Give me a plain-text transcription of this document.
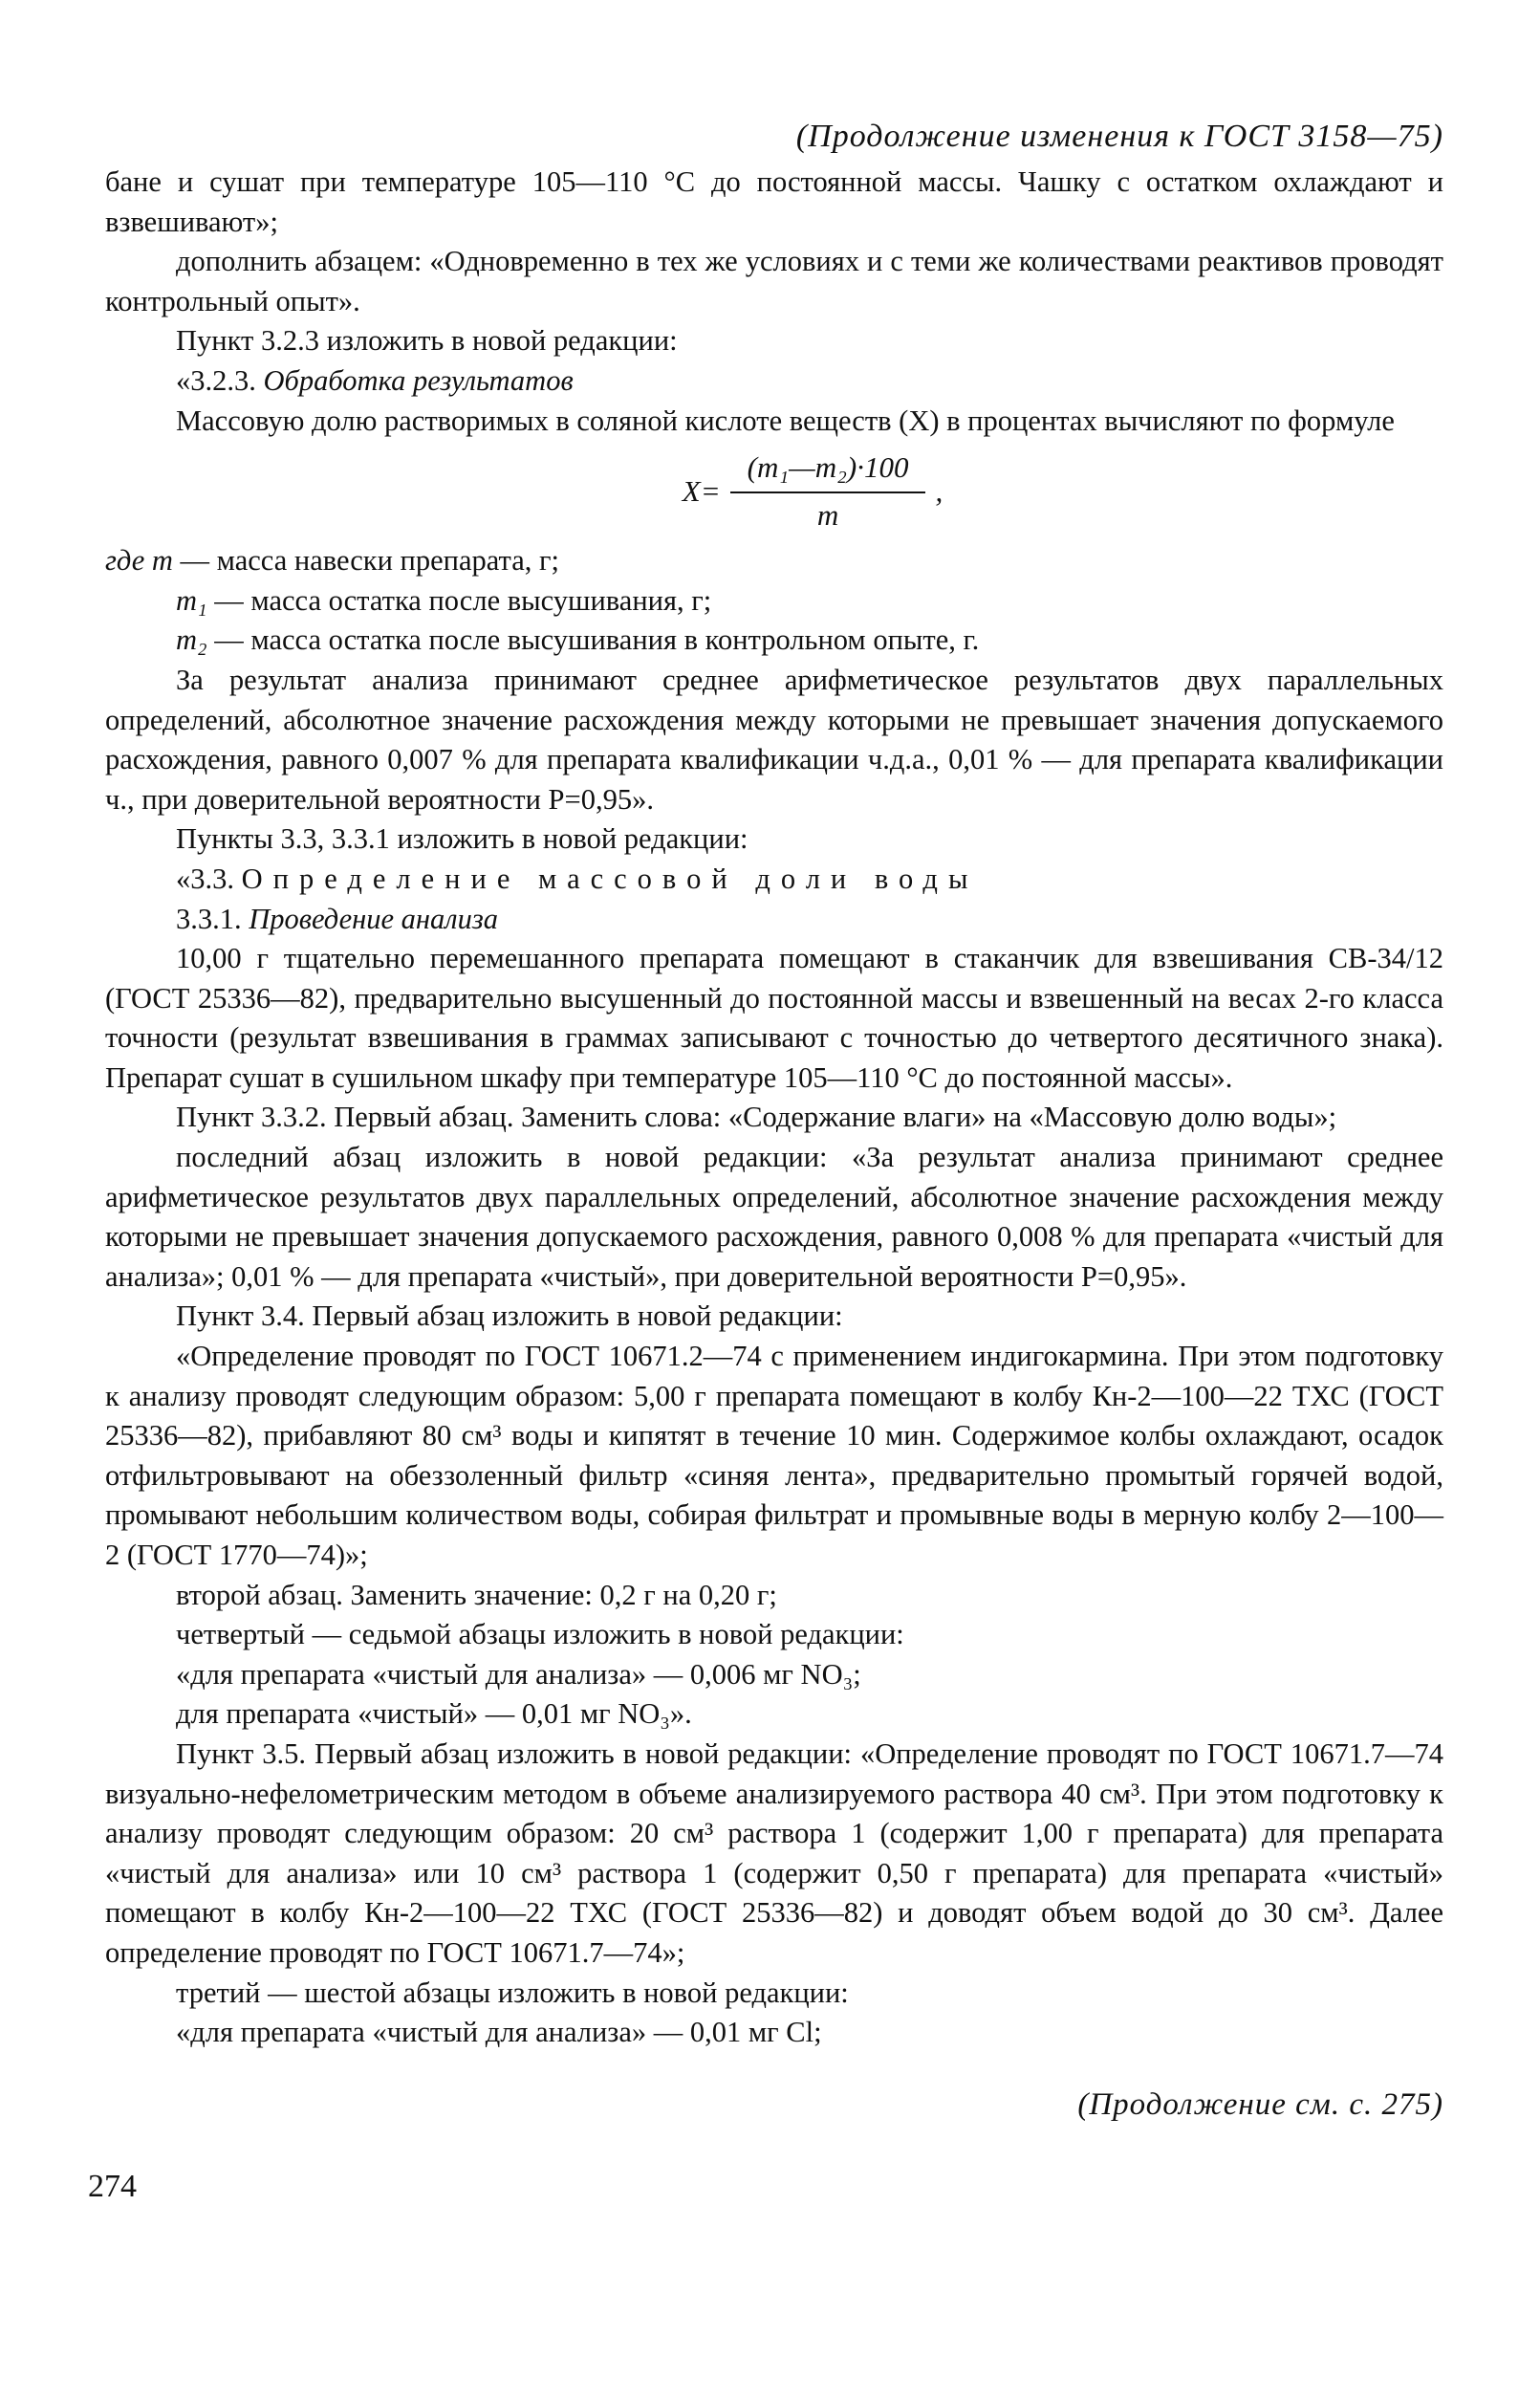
(Продолжение изменения к ГОСТ 3158—75)

бане и сушат при температуре 105—110 °С до постоянной массы. Чашку с остатком охлаждают и взвешивают»;

дополнить абзацем: «Одновременно в тех же условиях и с теми же количествами реактивов проводят контрольный опыт».

Пункт 3.2.3 изложить в новой редакции:

«3.2.3. Обработка результатов

Массовую долю растворимых в соляной кислоте веществ (X) в процентах вычисляют по формуле

$X= \frac{\text{(m₁—m₂)·100}}{m}$ ,
где m — масса навески препарата, г;
m₁ — масса остатка после высушивания, г;
m₂ — масса остатка после высушивания в контрольном опыте, г.

За результат анализа принимают среднее арифметическое результатов двух параллельных определений, абсолютное значение расхождения между которыми не превышает значения допускаемого расхождения, равного 0,007 % для препарата квалификации ч.д.а., 0,01 % — для препарата квалификации ч., при доверительной вероятности P=0,95».

Пункты 3.3, 3.3.1 изложить в новой редакции:

«3.3. Определение массовой доли воды

3.3.1. Проведение анализа

10,00 г тщательно перемешанного препарата помещают в стаканчик для взвешивания СВ-34/12 (ГОСТ 25336—82), предварительно высушенный до постоянной массы и взвешенный на весах 2-го класса точности (результат взвешивания в граммах записывают с точностью до четвертого десятичного знака). Препарат сушат в сушильном шкафу при температуре 105—110 °С до постоянной массы».

Пункт 3.3.2. Первый абзац. Заменить слова: «Содержание влаги» на «Массовую долю воды»;

последний абзац изложить в новой редакции: «За результат анализа принимают среднее арифметическое результатов двух параллельных определений, абсолютное значение расхождения между которыми не превышает значения допускаемого расхождения, равного 0,008 % для препарата «чистый для анализа»; 0,01 % — для препарата «чистый», при доверительной вероятности P=0,95».

Пункт 3.4. Первый абзац изложить в новой редакции:

«Определение проводят по ГОСТ 10671.2—74 с применением индигокармина. При этом подготовку к анализу проводят следующим образом: 5,00 г препарата помещают в колбу Кн-2—100—22 ТХС (ГОСТ 25336—82), прибавляют 80 см³ воды и кипятят в течение 10 мин. Содержимое колбы охлаждают, осадок отфильтровывают на обеззоленный фильтр «синяя лента», предварительно промытый горячей водой, промывают небольшим количеством воды, собирая фильтрат и промывные воды в мерную колбу 2—100—2 (ГОСТ 1770—74)»;

второй абзац. Заменить значение: 0,2 г на 0,20 г;

четвертый — седьмой абзацы изложить в новой редакции:

«для препарата «чистый для анализа» — 0,006 мг NO₃;

для препарата «чистый» — 0,01 мг NO₃».

Пункт 3.5. Первый абзац изложить в новой редакции: «Определение проводят по ГОСТ 10671.7—74 визуально-нефелометрическим методом в объеме анализируемого раствора 40 см³. При этом подготовку к анализу проводят следующим образом: 20 см³ раствора 1 (содержит 1,00 г препарата) для препарата «чистый для анализа» или 10 см³ раствора 1 (содержит 0,50 г препарата) для препарата «чистый» помещают в колбу Кн-2—100—22 ТХС (ГОСТ 25336—82) и доводят объем водой до 30 см³. Далее определение проводят по ГОСТ 10671.7—74»;

третий — шестой абзацы изложить в новой редакции:

«для препарата «чистый для анализа» — 0,01 мг Cl;

(Продолжение см. с. 275)
274
